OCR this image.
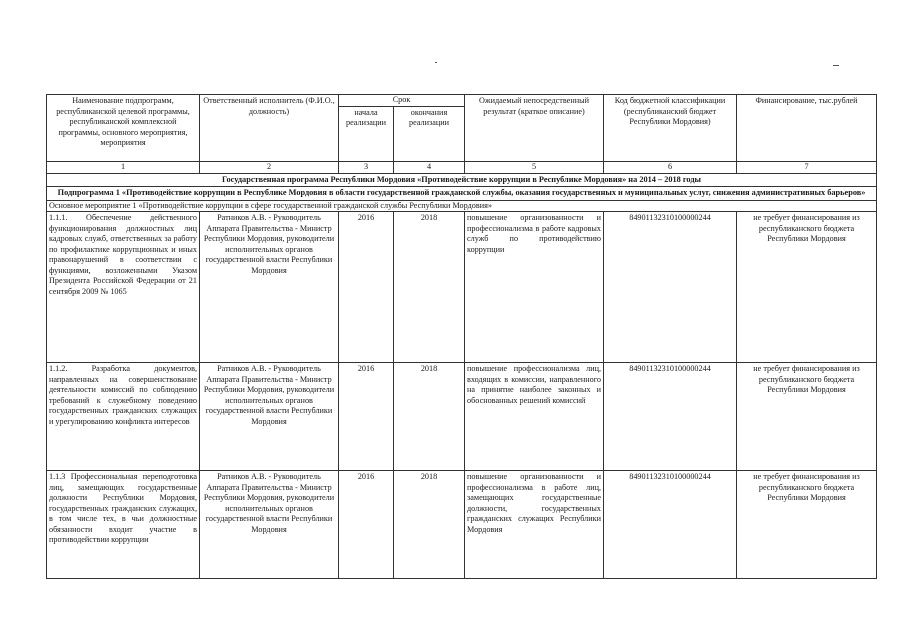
Наименование подпрограмм, республиканской целевой программы, республиканской комплексной программы, основного мероприятия, мероприятия	Ответственный исполнитель (Ф.И.О., должность)	Срок		Ожидаемый непосредственный результат (краткое описание)	Код бюджетной классификации (республиканский бюджет Республики Мордовия)	Финансирование, тыс.рублей
		начала реализации	окончания реализации			
1	2	3	4	5	6	7
Государственная программа Республики Мордовия «Противодействие коррупции в Республике Мордовия» на 2014 – 2018 годы						
Подпрограмма 1 «Противодействие коррупции в Республике Мордовия в области государственной гражданской службы, оказания государственных и муниципальных услуг, снижения административных барьеров»						
Основное мероприятие 1 «Противодействие коррупции в сфере государственной гражданской службы Республики Мордовия»						
1.1.1. Обеспечение действенного функционирования должностных лиц кадровых служб, ответственных за работу по профилактике коррупционных и иных правонарушений в соответствии с функциями, возложенными Указом Президента Российской Федерации от 21 сентября 2009 № 1065	Ратников А.В. - Руководитель Аппарата Правительства - Министр Республики Мордовия, руководители исполнительных органов государственной власти Республики Мордовия	2016	2018	повышение организованности и профессионализма в работе кадровых служб по противодействию коррупции	84901132310100000244	не требует финансирования из республиканского бюджета Республики Мордовия
1.1.2. Разработка документов, направленных на совершенствование деятельности комиссий по соблюдению требований к служебному поведению государственных гражданских служащих и урегулированию конфликта интересов	Ратников А.В. - Руководитель Аппарата Правительства - Министр Республики Мордовия, руководители исполнительных органов государственной власти Республики Мордовия	2016	2018	повышение профессионализма лиц, входящих в комиссии, направленного на принятие наиболее законных и обоснованных решений комиссий	84901132310100000244	не требует финансирования из республиканского бюджета Республики Мордовия
1.1.3 Профессиональная переподготовка лиц, замещающих государственные должности Республики Мордовия, государственных гражданских служащих, в том числе тех, в чьи должностные обязанности входит участие в противодействии коррупции	Ратников А.В. - Руководитель Аппарата Правительства - Министр Республики Мордовия, руководители исполнительных органов государственной власти Республики Мордовия	2016	2018	повышение организованности и профессионализма в работе лиц, замещающих государственные должности, государственных гражданских служащих Республики Мордовия	84901132310100000244	не требует финансирования из республиканского бюджета Республики Мордовия
